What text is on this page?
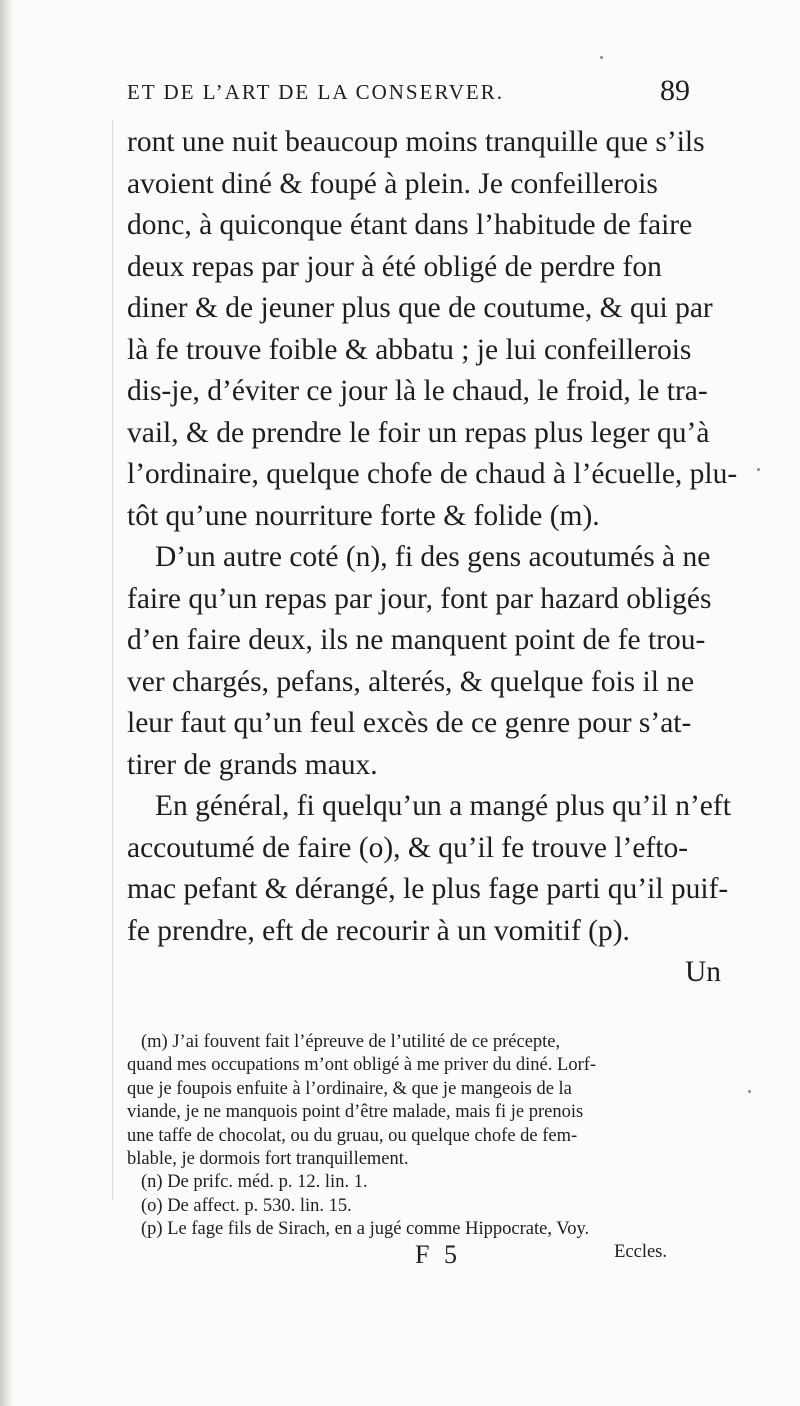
ET DE L’ART DE LA CONSERVER.	89
ront une nuit beaucoup moins tranquille que s’ils
avoient diné & foupé à plein. Je confeillerois
donc, à quiconque étant dans l’habitude de faire
deux repas par jour à été obligé de perdre fon
diner & de jeuner plus que de coutume, & qui par
là fe trouve foible & abbatu ; je lui confeillerois
dis-je, d’éviter ce jour là le chaud, le froid, le tra-
vail, & de prendre le foir un repas plus leger qu’à
l’ordinaire, quelque chofe de chaud à l’écuelle, plu-
tôt qu’une nourriture forte & folide (m).
D’un autre coté (n), fi des gens acoutumés à ne
faire qu’un repas par jour, font par hazard obligés
d’en faire deux, ils ne manquent point de fe trou-
ver chargés, pefans, alterés, & quelque fois il ne
leur faut qu’un feul excès de ce genre pour s’at-
tirer de grands maux.
En général, fi quelqu’un a mangé plus qu’il n’eft
accoutumé de faire (o), & qu’il fe trouve l’efto-
mac pefant & dérangé, le plus fage parti qu’il puif-
fe prendre, eft de recourir à un vomitif (p).
Un
(m) J’ai fouvent fait l’épreuve de l’utilité de ce précepte,
quand mes occupations m’ont obligé à me priver du diné. Lorf-
que je foupois enfuite à l’ordinaire, & que je mangeois de la
viande, je ne manquois point d’être malade, mais fi je prenois
une taffe de chocolat, ou du gruau, ou quelque chofe de fem-
blable, je dormois fort tranquillement.
(n) De prifc. méd. p. 12. lin. 1.
(o) De affect. p. 530. lin. 15.
(p) Le fage fils de Sirach, en a jugé comme Hippocrate, Voy.
F 5	Eccles.
